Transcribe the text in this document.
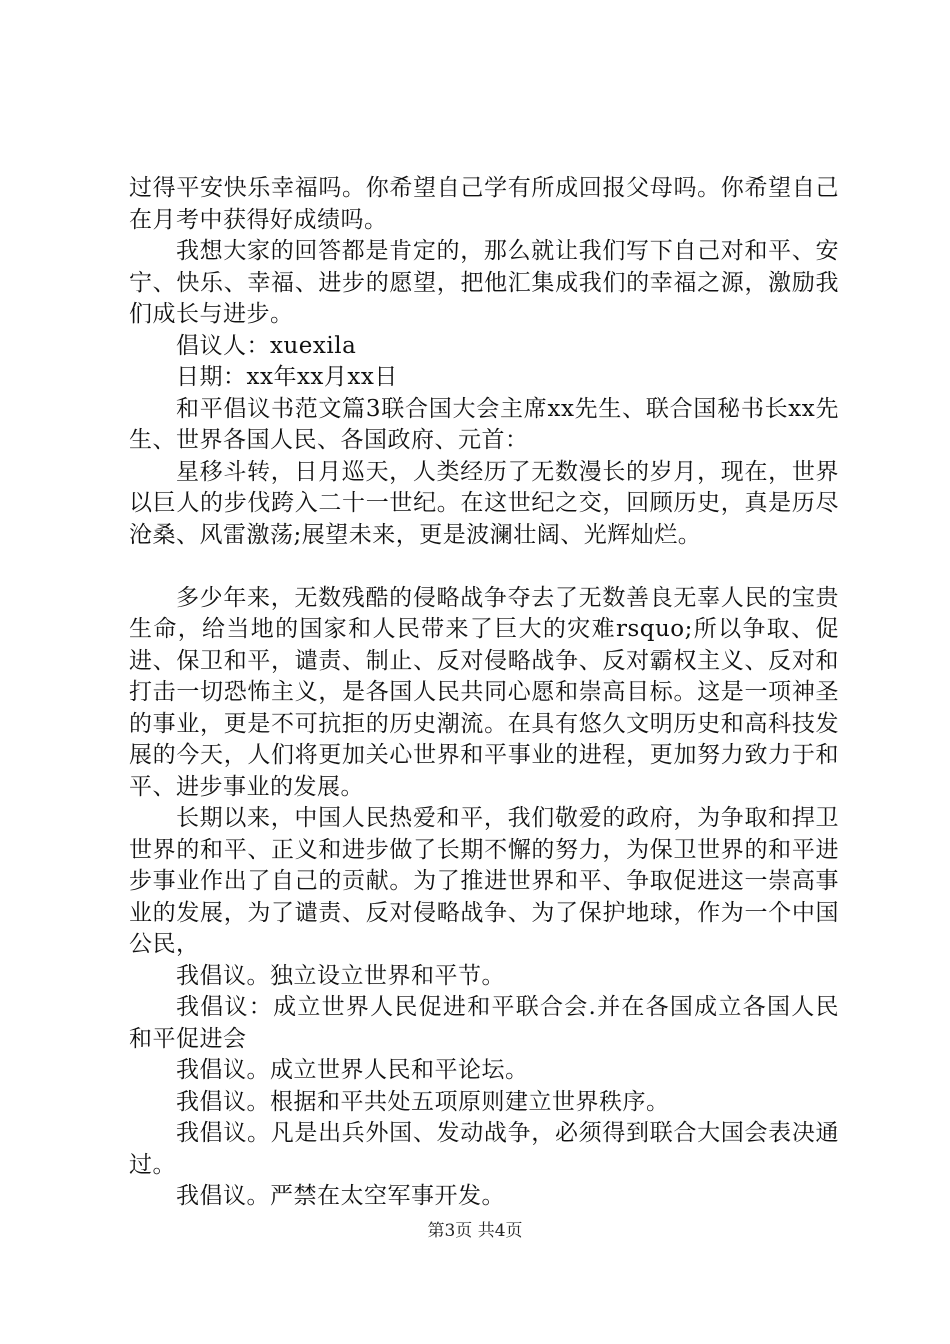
过得平安快乐幸福吗。你希望自己学有所成回报父母吗。你希望自己在月考中获得好成绩吗。

我想大家的回答都是肯定的，那么就让我们写下自己对和平、安宁、快乐、幸福、进步的愿望，把他汇集成我们的幸福之源，激励我们成长与进步。

倡议人：xuexila

日期：xx年xx月xx日

和平倡议书范文篇3联合国大会主席xx先生、联合国秘书长xx先生、世界各国人民、各国政府、元首：

星移斗转，日月巡天，人类经历了无数漫长的岁月，现在，世界以巨人的步伐跨入二十一世纪。在这世纪之交，回顾历史，真是历尽沧桑、风雷激荡;展望未来，更是波澜壮阔、光辉灿烂。

多少年来，无数残酷的侵略战争夺去了无数善良无辜人民的宝贵生命，给当地的国家和人民带来了巨大的灾难rsquo;所以争取、促进、保卫和平，谴责、制止、反对侵略战争、反对霸权主义、反对和打击一切恐怖主义，是各国人民共同心愿和崇高目标。这是一项神圣的事业，更是不可抗拒的历史潮流。在具有悠久文明历史和高科技发展的今天，人们将更加关心世界和平事业的进程，更加努力致力于和平、进步事业的发展。

长期以来，中国人民热爱和平，我们敬爱的政府，为争取和捍卫世界的和平、正义和进步做了长期不懈的努力，为保卫世界的和平进步事业作出了自己的贡献。为了推进世界和平、争取促进这一崇高事业的发展，为了谴责、反对侵略战争、为了保护地球，作为一个中国公民，

我倡议。独立设立世界和平节。

我倡议：成立世界人民促进和平联合会.并在各国成立各国人民和平促进会

我倡议。成立世界人民和平论坛。

我倡议。根据和平共处五项原则建立世界秩序。

我倡议。凡是出兵外国、发动战争，必须得到联合大国会表决通过。

我倡议。严禁在太空军事开发。

第3页 共4页
